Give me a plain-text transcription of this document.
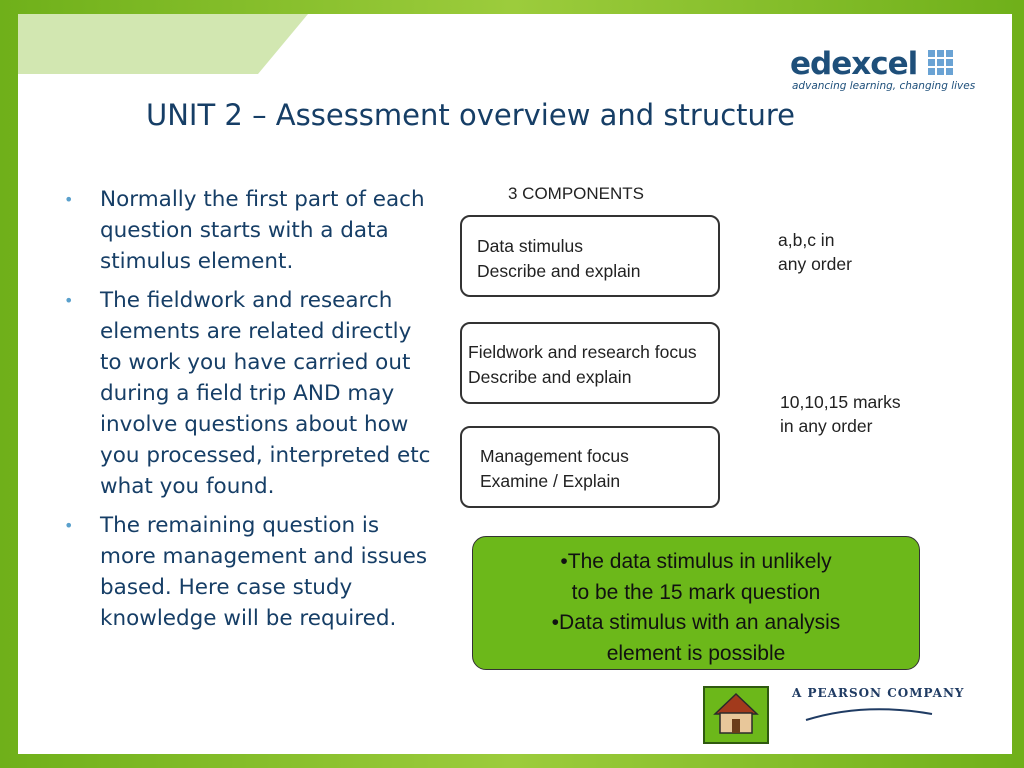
edexcel
advancing learning, changing lives
UNIT 2 – Assessment overview and structure
• Normally the first part of each question starts with a data stimulus element.
• The fieldwork and research elements are related directly to work you have carried out during a field trip AND may involve questions about how you processed, interpreted etc what you found.
• The remaining question is more management and issues based. Here case study knowledge will be required.
3 COMPONENTS
Data stimulus
Describe and explain
Fieldwork and research focus
Describe and explain
Management focus
Examine / Explain
a,b,c in
any order
10,10,15 marks
in any order
•The data stimulus in unlikely
to be the 15 mark question
•Data stimulus with an analysis
element is possible
A PEARSON COMPANY
